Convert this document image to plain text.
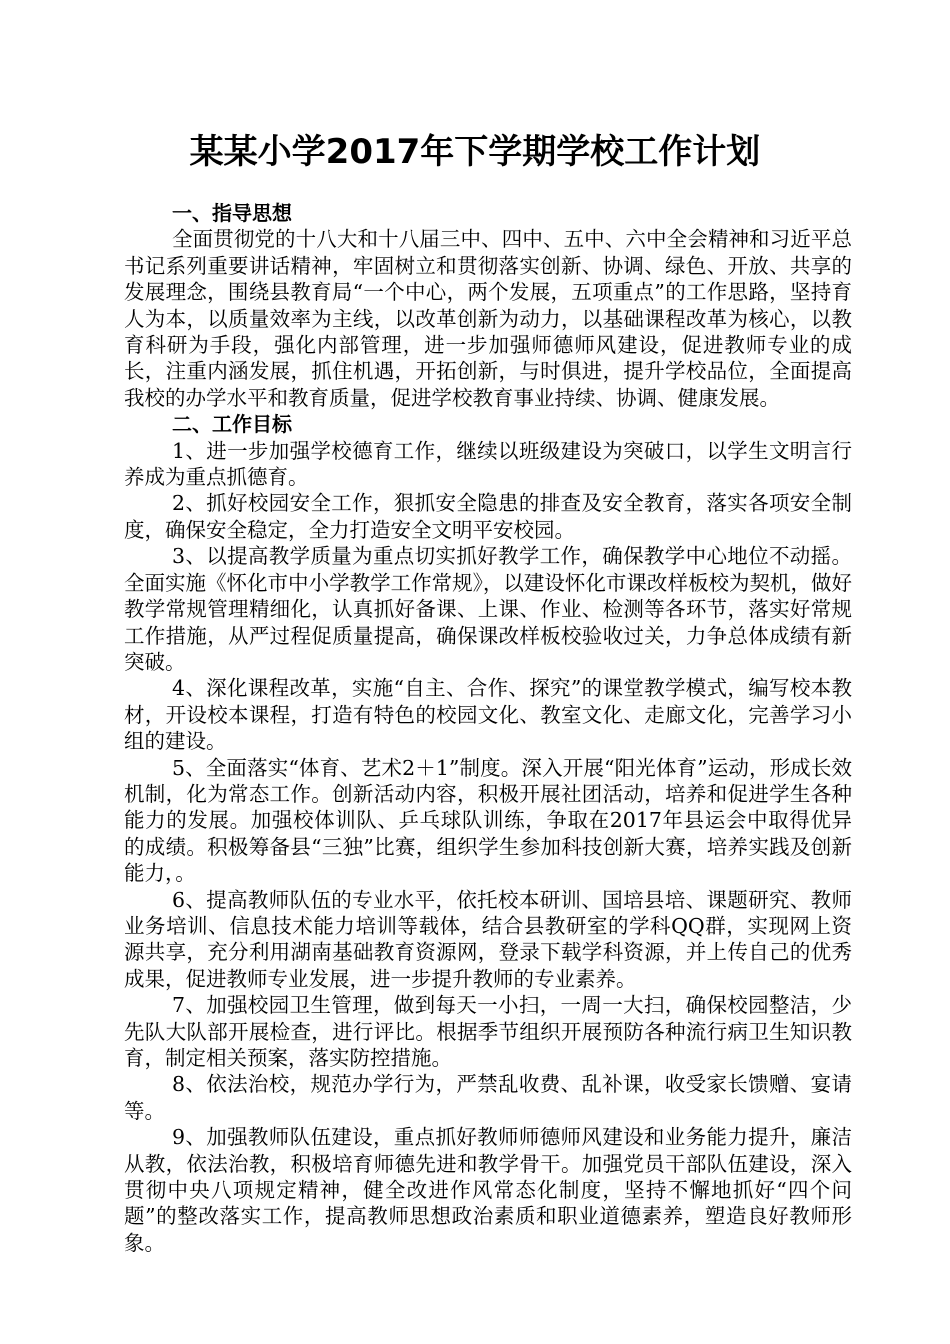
某某小学2017年下学期学校工作计划
一、指导思想

全面贯彻党的十八大和十八届三中、四中、五中、六中全会精神和习近平总书记系列重要讲话精神，牢固树立和贯彻落实创新、协调、绿色、开放、共享的发展理念，围绕县教育局“一个中心，两个发展，五项重点”的工作思路，坚持育人为本，以质量效率为主线，以改革创新为动力，以基础课程改革为核心，以教育科研为手段，强化内部管理，进一步加强师德师风建设，促进教师专业的成长，注重内涵发展，抓住机遇，开拓创新，与时俱进，提升学校品位，全面提高我校的办学水平和教育质量，促进学校教育事业持续、协调、健康发展。

二、工作目标

1、进一步加强学校德育工作，继续以班级建设为突破口，以学生文明言行养成为重点抓德育。

2、抓好校园安全工作，狠抓安全隐患的排查及安全教育，落实各项安全制度，确保安全稳定，全力打造安全文明平安校园。

3、以提高教学质量为重点切实抓好教学工作，确保教学中心地位不动摇。全面实施《怀化市中小学教学工作常规》，以建设怀化市课改样板校为契机，做好教学常规管理精细化，认真抓好备课、上课、作业、检测等各环节，落实好常规工作措施，从严过程促质量提高，确保课改样板校验收过关，力争总体成绩有新突破。

4、深化课程改革，实施“自主、合作、探究”的课堂教学模式，编写校本教材，开设校本课程，打造有特色的校园文化、教室文化、走廊文化，完善学习小组的建设。

5、全面落实“体育、艺术2＋1”制度。深入开展“阳光体育”运动，形成长效机制，化为常态工作。创新活动内容，积极开展社团活动，培养和促进学生各种能力的发展。加强校体训队、乒乓球队训练，争取在2017年县运会中取得优异的成绩。积极筹备县“三独”比赛，组织学生参加科技创新大赛，培养实践及创新能力，。

6、提高教师队伍的专业水平，依托校本研训、国培县培、课题研究、教师业务培训、信息技术能力培训等载体，结合县教研室的学科QQ群，实现网上资源共享，充分利用湖南基础教育资源网，登录下载学科资源，并上传自己的优秀成果，促进教师专业发展，进一步提升教师的专业素养。

7、加强校园卫生管理，做到每天一小扫，一周一大扫，确保校园整洁，少先队大队部开展检查，进行评比。根据季节组织开展预防各种流行病卫生知识教育，制定相关预案，落实防控措施。

8、依法治校，规范办学行为，严禁乱收费、乱补课，收受家长馈赠、宴请等。

9、加强教师队伍建设，重点抓好教师师德师风建设和业务能力提升，廉洁从教，依法治教，积极培育师德先进和教学骨干。加强党员干部队伍建设，深入贯彻中央八项规定精神，健全改进作风常态化制度，坚持不懈地抓好“四个问题”的整改落实工作，提高教师思想政治素质和职业道德素养，塑造良好教师形象。
